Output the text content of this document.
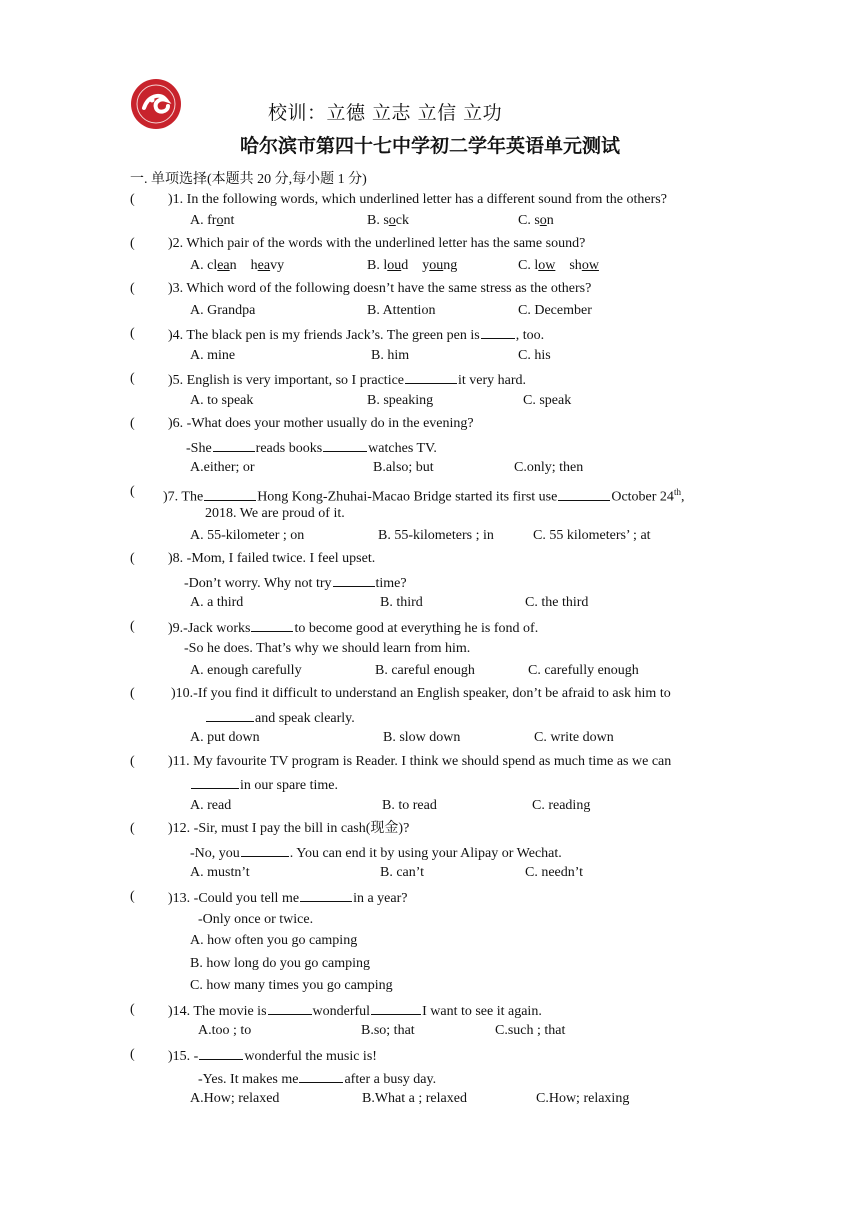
校训：立德 立志 立信 立功
哈尔滨市第四十七中学初二学年英语单元测试
一. 单项选择(本题共 20 分,每小题 1 分)
( )1. In the following words, which underlined letter has a different sound from the others?
A. front	B. sock	C. son
( )2. Which pair of the words with the underlined letter has the same sound?
A. clean heavy	B. loud young	C. low show
( )3. Which word of the following doesn’t have the same stress as the others?
A. Grandpa	B. Attention	C. December
( )4. The black pen is my friends Jack’s. The green pen is	, too.
A. mine	B. him	C. his
( )5. English is very important, so I practice	it very hard.
A. to speak	B. speaking	C. speak
( )6. -What does your mother usually do in the evening?
-She	reads books	watches TV.
A.either; or	B.also; but	C.only; then
( )7. The	Hong Kong-Zhuhai-Macao Bridge started its first use	October 24th,
2018. We are proud of it.
A. 55-kilometer ; on	B. 55-kilometers ; in	C. 55 kilometers’ ; at
( )8. -Mom, I failed twice. I feel upset.
-Don’t worry. Why not try	time?
A. a third	B. third	C. the third
( )9.-Jack works	to become good at everything he is fond of.
-So he does. That’s why we should learn from him.
A. enough carefully	B. careful enough	C. carefully enough
(	)10.-If you find it difficult to understand an English speaker, don’t be afraid to ask him to
and speak clearly.
A. put down	B. slow down	C. write down
( )11. My favourite TV program is Reader. I think we should spend as much time as we can
in our spare time.
A. read	B. to read	C. reading
( )12. -Sir, must I pay the bill in cash(现金)?
-No, you	. You can end it by using your Alipay or Wechat.
A. mustn’t	B. can’t	C. needn’t
( )13. -Could you tell me	in a year?
-Only once or twice.
A. how often you go camping
B. how long do you go camping
C. how many times you go camping
( )14. The movie is	wonderful	I want to see it again.
A.too ; to	B.so; that	C.such ; that
( )15. -	wonderful the music is!
-Yes. It makes me	after a busy day.
A.How; relaxed	B.What a ; relaxed	C.How; relaxing
